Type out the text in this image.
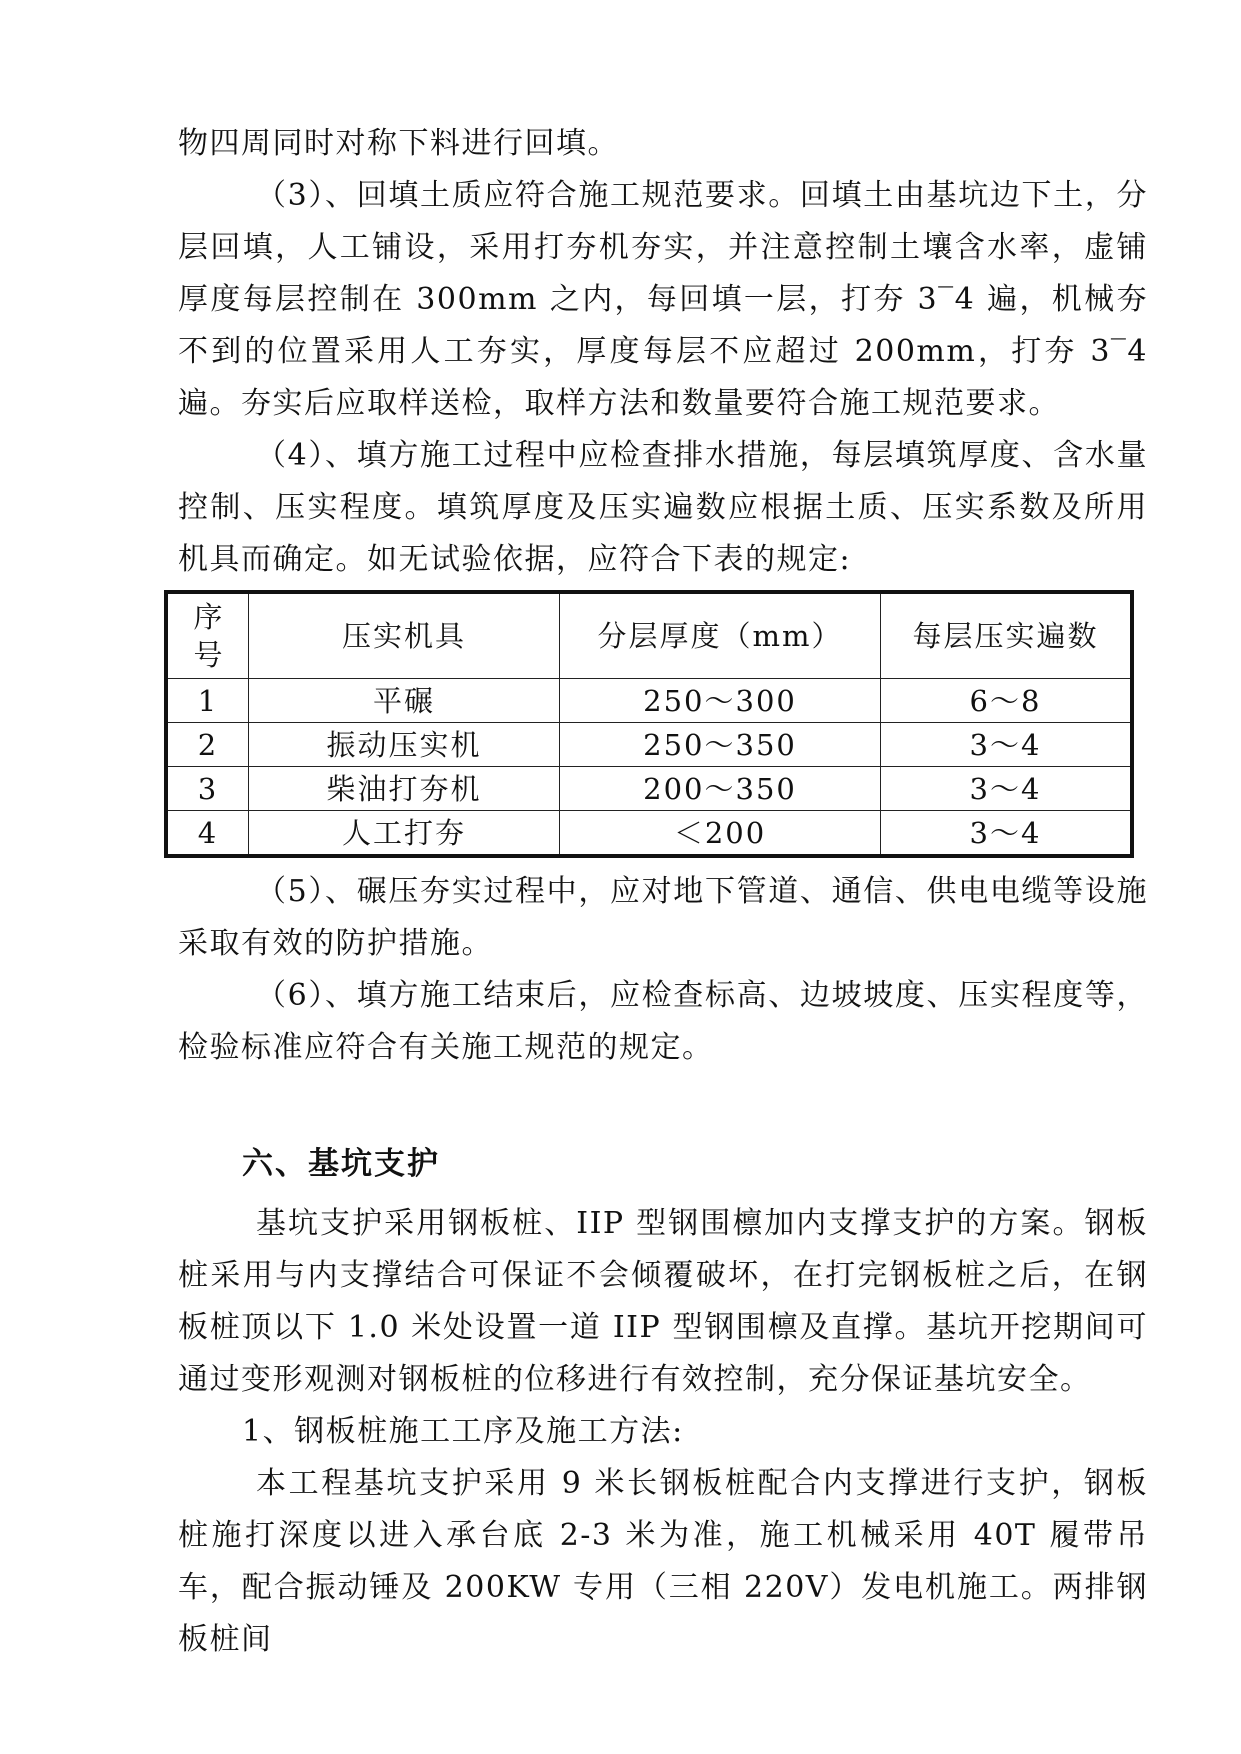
物四周同时对称下料进行回填。

（3）、回填土质应符合施工规范要求。回填土由基坑边下土，分层回填，人工铺设，采用打夯机夯实，并注意控制土壤含水率，虚铺厚度每层控制在 300mm 之内，每回填一层，打夯 3‾4 遍，机械夯不到的位置采用人工夯实，厚度每层不应超过 200mm，打夯 3‾4 遍。夯实后应取样送检，取样方法和数量要符合施工规范要求。

（4）、填方施工过程中应检查排水措施，每层填筑厚度、含水量控制、压实程度。填筑厚度及压实遍数应根据土质、压实系数及所用机具而确定。如无试验依据，应符合下表的规定:

序号	压实机具	分层厚度（mm）	每层压实遍数
1	平碾	250～300	6～8
2	振动压实机	250～350	3～4
3	柴油打夯机	200～350	3～4
4	人工打夯	＜200	3～4

（5）、碾压夯实过程中，应对地下管道、通信、供电电缆等设施采取有效的防护措施。

（6）、填方施工结束后，应检查标高、边坡坡度、压实程度等，检验标准应符合有关施工规范的规定。

六、基坑支护

基坑支护采用钢板桩、IIP 型钢围檩加内支撑支护的方案。钢板桩采用与内支撑结合可保证不会倾覆破坏，在打完钢板桩之后，在钢板桩顶以下 1.0 米处设置一道 IIP 型钢围檩及直撑。基坑开挖期间可通过变形观测对钢板桩的位移进行有效控制，充分保证基坑安全。

1、钢板桩施工工序及施工方法:

本工程基坑支护采用 9 米长钢板桩配合内支撑进行支护，钢板桩施打深度以进入承台底 2-3 米为准，施工机械采用 40T 履带吊车，配合振动锤及 200KW 专用（三相 220V）发电机施工。两排钢板桩间
